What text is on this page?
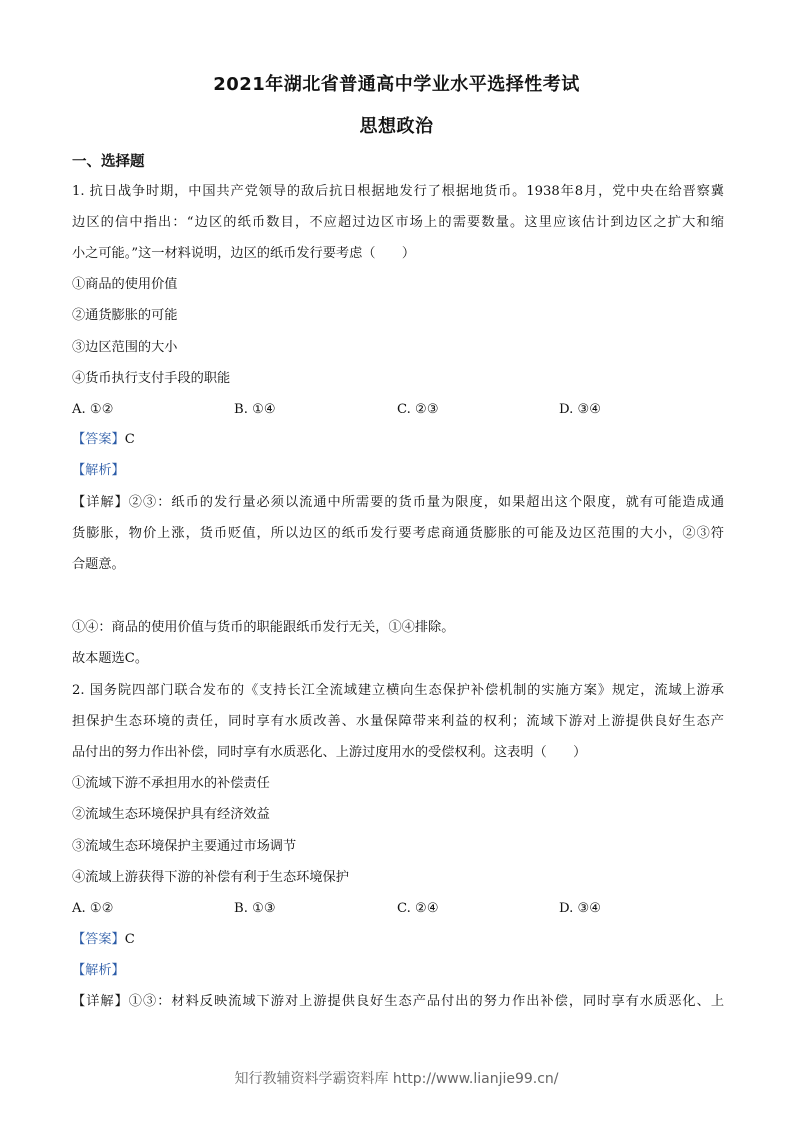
2021年湖北省普通高中学业水平选择性考试
思想政治
一、选择题
1. 抗日战争时期，中国共产党领导的敌后抗日根据地发行了根据地货币。1938年8月，党中央在给晋察冀
边区的信中指出：“边区的纸币数目，不应超过边区市场上的需要数量。这里应该估计到边区之扩大和缩
小之可能。”这一材料说明，边区的纸币发行要考虑（　　）
①商品的使用价值
②通货膨胀的可能
③边区范围的大小
④货币执行支付手段的职能
A. ①②	B. ①④	C. ②③	D. ③④
【答案】C
【解析】
【详解】②③：纸币的发行量必须以流通中所需要的货币量为限度，如果超出这个限度，就有可能造成通
货膨胀，物价上涨，货币贬值，所以边区的纸币发行要考虑商通货膨胀的可能及边区范围的大小，②③符
合题意。
①④：商品的使用价值与货币的职能跟纸币发行无关，①④排除。
故本题选C。
2. 国务院四部门联合发布的《支持长江全流域建立横向生态保护补偿机制的实施方案》规定，流域上游承
担保护生态环境的责任，同时享有水质改善、水量保障带来利益的权利；流域下游对上游提供良好生态产
品付出的努力作出补偿，同时享有水质恶化、上游过度用水的受偿权利。这表明（　　）
①流域下游不承担用水的补偿责任
②流域生态环境保护具有经济效益
③流域生态环境保护主要通过市场调节
④流域上游获得下游的补偿有利于生态环境保护
A. ①②	B. ①③	C. ②④	D. ③④
【答案】C
【解析】
【详解】①③：材料反映流域下游对上游提供良好生态产品付出的努力作出补偿，同时享有水质恶化、上
知行教辅资料学霸资料库 http://www.lianjie99.cn/
